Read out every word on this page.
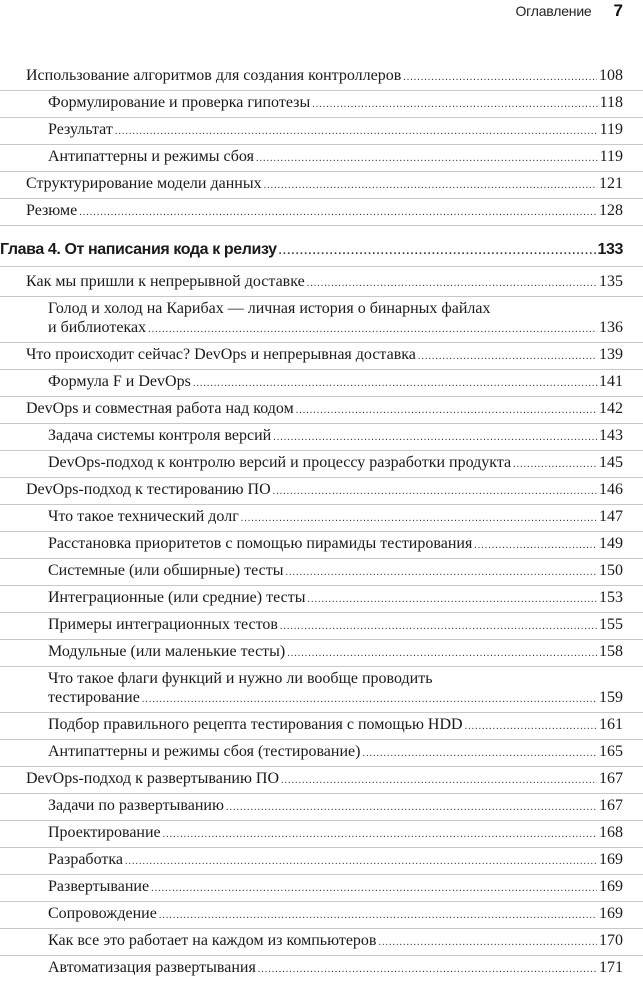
Оглавление 7
Использование алгоритмов для создания контроллеров .....	108
Формулирование и проверка гипотезы .....	118
Результат .....	119
Антипаттерны и режимы сбоя .....	119
Структурирование модели данных .....	121
Резюме .....	128
Глава 4. От написания кода к релизу .....	133
Как мы пришли к непрерывной доставке .....	135
Голод и холод на Карибах — личная история о бинарных файлах
и библиотеках .....	136
Что происходит сейчас? DevOps и непрерывная доставка .....	139
Формула F и DevOps .....	141
DevOps и совместная работа над кодом .....	142
Задача системы контроля версий .....	143
DevOps-подход к контролю версий и процессу разработки продукта .....	145
DevOps-подход к тестированию ПО .....	146
Что такое технический долг .....	147
Расстановка приоритетов с помощью пирамиды тестирования .....	149
Системные (или обширные) тесты .....	150
Интеграционные (или средние) тесты .....	153
Примеры интеграционных тестов .....	155
Модульные (или маленькие тесты) .....	158
Что такое флаги функций и нужно ли вообще проводить
тестирование .....	159
Подбор правильного рецепта тестирования с помощью HDD .....	161
Антипаттерны и режимы сбоя (тестирование) .....	165
DevOps-подход к развертыванию ПО .....	167
Задачи по развертыванию .....	167
Проектирование .....	168
Разработка .....	169
Развертывание .....	169
Сопровождение .....	169
Как все это работает на каждом из компьютеров .....	170
Автоматизация развертывания .....	171
